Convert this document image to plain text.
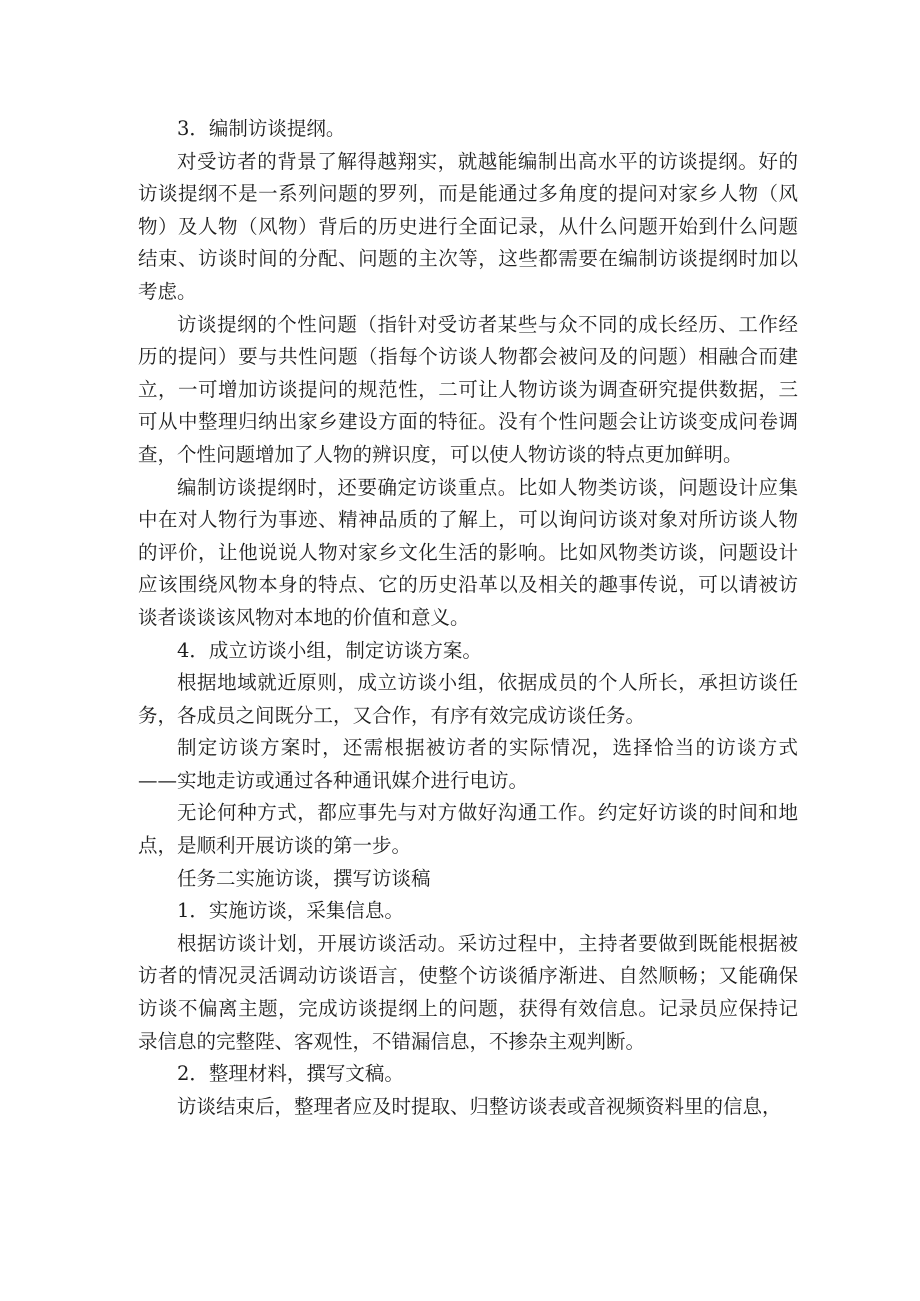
3．编制访谈提纲。

对受访者的背景了解得越翔实，就越能编制出高水平的访谈提纲。好的访谈提纲不是一系列问题的罗列，而是能通过多角度的提问对家乡人物（风物）及人物（风物）背后的历史进行全面记录，从什么问题开始到什么问题结束、访谈时间的分配、问题的主次等，这些都需要在编制访谈提纲时加以考虑。

访谈提纲的个性问题（指针对受访者某些与众不同的成长经历、工作经历的提问）要与共性问题（指每个访谈人物都会被问及的问题）相融合而建立，一可增加访谈提问的规范性，二可让人物访谈为调查研究提供数据，三可从中整理归纳出家乡建设方面的特征。没有个性问题会让访谈变成问卷调查，个性问题增加了人物的辨识度，可以使人物访谈的特点更加鲜明。

编制访谈提纲时，还要确定访谈重点。比如人物类访谈，问题设计应集中在对人物行为事迹、精神品质的了解上，可以询问访谈对象对所访谈人物的评价，让他说说人物对家乡文化生活的影响。比如风物类访谈，问题设计应该围绕风物本身的特点、它的历史沿革以及相关的趣事传说，可以请被访谈者谈谈该风物对本地的价值和意义。

4．成立访谈小组，制定访谈方案。

根据地域就近原则，成立访谈小组，依据成员的个人所长，承担访谈任务，各成员之间既分工，又合作，有序有效完成访谈任务。

制定访谈方案时，还需根据被访者的实际情况，选择恰当的访谈方式——实地走访或通过各种通讯媒介进行电访。

无论何种方式，都应事先与对方做好沟通工作。约定好访谈的时间和地点，是顺利开展访谈的第一步。

任务二实施访谈，撰写访谈稿

1．实施访谈，采集信息。

根据访谈计划，开展访谈活动。采访过程中，主持者要做到既能根据被访者的情况灵活调动访谈语言，使整个访谈循序渐进、自然顺畅；又能确保访谈不偏离主题，完成访谈提纲上的问题，获得有效信息。记录员应保持记录信息的完整陛、客观性，不错漏信息，不掺杂主观判断。

2．整理材料，撰写文稿。

访谈结束后，整理者应及时提取、归整访谈表或音视频资料里的信息，
